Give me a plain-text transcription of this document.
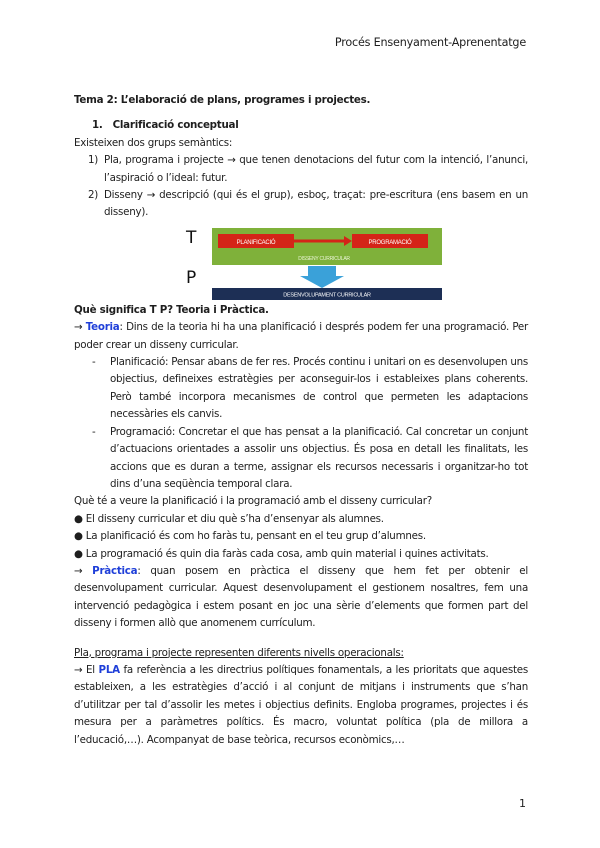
Procés Ensenyament-Aprenentatge

Tema 2: L’elaboració de plans, programes i projectes.

1. Clarificació conceptual

Existeixen dos grups semàntics:

1) Pla, programa i projecte → que tenen denotacions del futur com la intenció, l’anunci, l’aspiració o l’ideal: futur.
2) Disseny → descripció (qui és el grup), esboç, traçat: pre-escritura (ens basem en un disseny).
T
P
PLANIFICACIÓ	PROGRAMACIÓ
DISSENY CURRICULAR
DESENVOLUPAMENT CURRICULAR

Què significa T P? Teoria i Pràctica.

→ Teoria: Dins de la teoria hi ha una planificació i després podem fer una programació. Per poder crear un disseny curricular.

-	Planificació: Pensar abans de fer res. Procés continu i unitari on es desenvolupen uns objectius, defineixes estratègies per aconseguir-los i estableixes plans coherents. Però també incorpora mecanismes de control que permeten les adaptacions necessàries els canvis.
-	Programació: Concretar el que has pensat a la planificació. Cal concretar un conjunt d’actuacions orientades a assolir uns objectius. És posa en detall les finalitats, les accions que es duran a terme, assignar els recursos necessaris i organitzar-ho tot dins d’una seqüència temporal clara.

Què té a veure la planificació i la programació amb el disseny curricular?

● El disseny curricular et diu què s’ha d’ensenyar als alumnes.

● La planificació és com ho faràs tu, pensant en el teu grup d’alumnes.

● La programació és quin dia faràs cada cosa, amb quin material i quines activitats.

→ Pràctica: quan posem en pràctica el disseny que hem fet per obtenir el desenvolupament curricular. Aquest desenvolupament el gestionem nosaltres, fem una intervenció pedagògica i estem posant en joc una sèrie d’elements que formen part del disseny i formen allò que anomenem currículum.

Pla, programa i projecte representen diferents nivells operacionals:

→ El PLA fa referència a les directrius polítiques fonamentals, a les prioritats que aquestes estableixen, a les estratègies d’acció i al conjunt de mitjans i instruments que s’han d’utilitzar per tal d’assolir les metes i objectius definits. Engloba programes, projectes i és mesura per a paràmetres polítics. És macro, voluntat política (pla de millora a l’educació,…). Acompanyat de base teòrica, recursos econòmics,…

1
